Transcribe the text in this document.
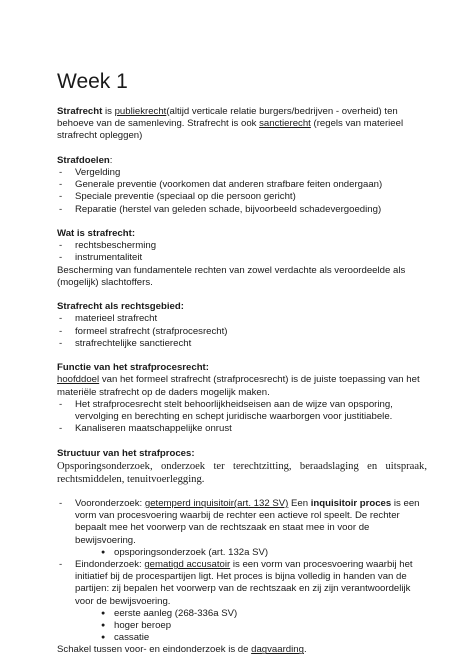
Week 1

Strafrecht is publiekrecht(altijd verticale relatie burgers/bedrijven - overheid) ten behoeve van de samenleving. Strafrecht is ook sanctierecht (regels van materieel strafrecht opleggen)

Strafdoelen:

- Vergelding

- Generale preventie (voorkomen dat anderen strafbare feiten ondergaan)

- Speciale preventie (speciaal op die persoon gericht)

- Reparatie (herstel van geleden schade, bijvoorbeeld schadevergoeding)

Wat is strafrecht:

- rechtsbescherming

- instrumentaliteit

Bescherming van fundamentele rechten van zowel verdachte als veroordeelde als (mogelijk) slachtoffers.

Strafrecht als rechtsgebied:

- materieel strafrecht

- formeel strafrecht (strafprocesrecht)

- strafrechtelijke sanctierecht

Functie van het strafprocesrecht:

hoofddoel van het formeel strafrecht (strafprocesrecht) is de juiste toepassing van het materiële strafrecht op de daders mogelijk maken.

- Het strafprocesrecht stelt behoorlijkheidseisen aan de wijze van opsporing, vervolging en berechting en schept juridische waarborgen voor justitiabele.

- Kanaliseren maatschappelijke onrust

Structuur van het strafproces:

Opsporingsonderzoek, onderzoek ter terechtzitting, beraadslaging en uitspraak, rechtsmiddelen, tenuitvoerlegging.

- Vooronderzoek: getemperd inquisitoir(art. 132 SV) Een inquisitoir proces is een vorm van procesvoering waarbij de rechter een actieve rol speelt. De rechter bepaalt mee het voorwerp van de rechtszaak en staat mee in voor de bewijsvoering.

● opsporingsonderzoek (art. 132a SV)

- Eindonderzoek: gematigd accusatoir is een vorm van procesvoering waarbij het initiatief bij de procespartijen ligt. Het proces is bijna volledig in handen van de partijen: zij bepalen het voorwerp van de rechtszaak en zij zijn verantwoordelijk voor de bewijsvoering.

● eerste aanleg (268-336a SV)

● hoger beroep

● cassatie

Schakel tussen voor- en eindonderzoek is de dagvaarding.
